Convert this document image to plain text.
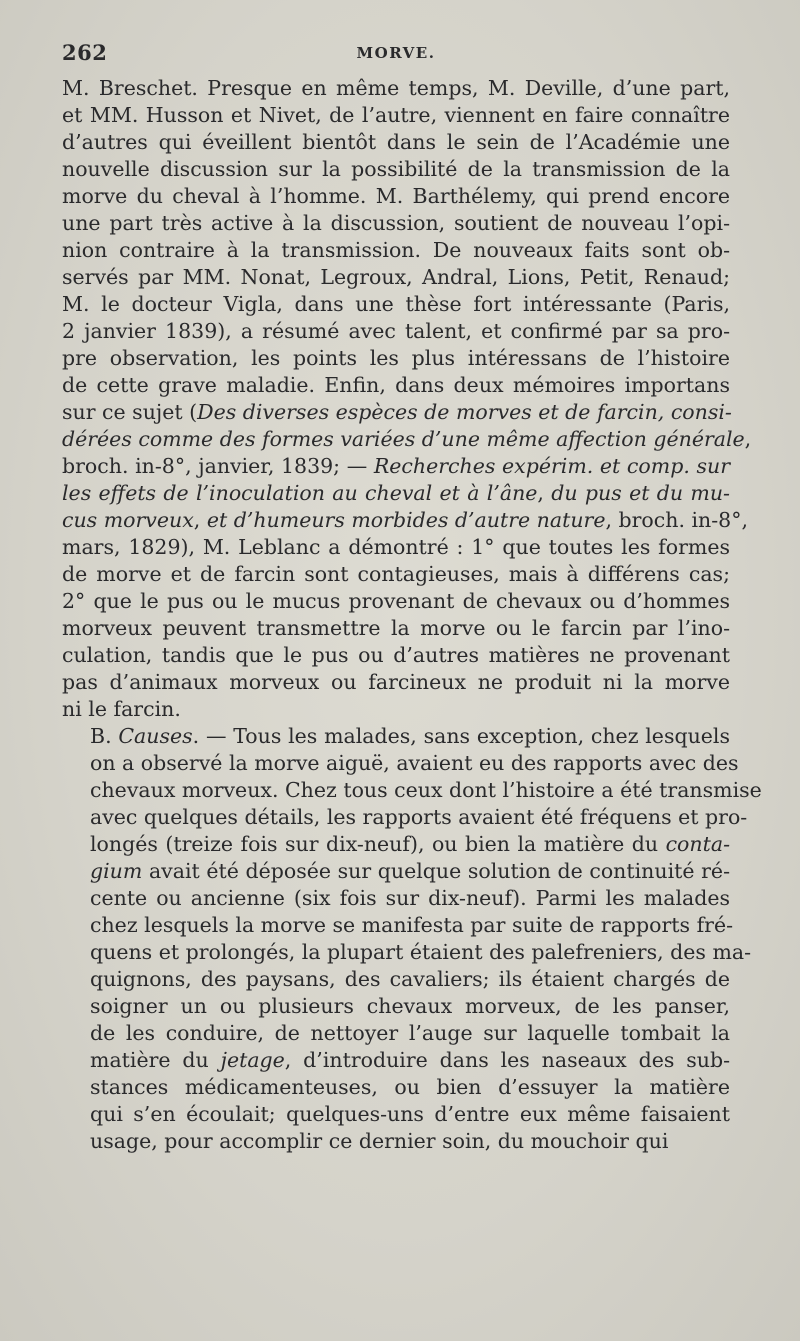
262	MORVE.
M. Breschet. Presque en même temps, M. Deville, d’une part,
et MM. Husson et Nivet, de l’autre, viennent en faire connaître
d’autres qui éveillent bientôt dans le sein de l’Académie une
nouvelle discussion sur la possibilité de la transmission de la
morve du cheval à l’homme. M. Barthélemy, qui prend encore
une part très active à la discussion, soutient de nouveau l’opi-
nion contraire à la transmission. De nouveaux faits sont ob-
servés par MM. Nonat, Legroux, Andral, Lions, Petit, Renaud;
M. le docteur Vigla, dans une thèse fort intéressante (Paris,
2 janvier 1839), a résumé avec talent, et confirmé par sa pro-
pre observation, les points les plus intéressans de l’histoire
de cette grave maladie. Enfin, dans deux mémoires importans
sur ce sujet (Des diverses espèces de morves et de farcin, consi-
dérées comme des formes variées d’une même affection générale,
broch. in-8°, janvier, 1839; — Recherches expérim. et comp. sur
les effets de l’inoculation au cheval et à l’âne, du pus et du mu-
cus morveux, et d’humeurs morbides d’autre nature, broch. in-8°,
mars, 1829), M. Leblanc a démontré : 1° que toutes les formes
de morve et de farcin sont contagieuses, mais à différens cas;
2° que le pus ou le mucus provenant de chevaux ou d’hommes
morveux peuvent transmettre la morve ou le farcin par l’ino-
culation, tandis que le pus ou d’autres matières ne provenant
pas d’animaux morveux ou farcineux ne produit ni la morve
ni le farcin.
B. Causes. — Tous les malades, sans exception, chez lesquels
on a observé la morve aiguë, avaient eu des rapports avec des
chevaux morveux. Chez tous ceux dont l’histoire a été transmise
avec quelques détails, les rapports avaient été fréquens et pro-
longés (treize fois sur dix-neuf), ou bien la matière du conta-
gium avait été déposée sur quelque solution de continuité ré-
cente ou ancienne (six fois sur dix-neuf). Parmi les malades
chez lesquels la morve se manifesta par suite de rapports fré-
quens et prolongés, la plupart étaient des palefreniers, des ma-
quignons, des paysans, des cavaliers; ils étaient chargés de
soigner un ou plusieurs chevaux morveux, de les panser,
de les conduire, de nettoyer l’auge sur laquelle tombait la
matière du jetage, d’introduire dans les naseaux des sub-
stances médicamenteuses, ou bien d’essuyer la matière
qui s’en écoulait; quelques-uns d’entre eux même faisaient
usage, pour accomplir ce dernier soin, du mouchoir qui
